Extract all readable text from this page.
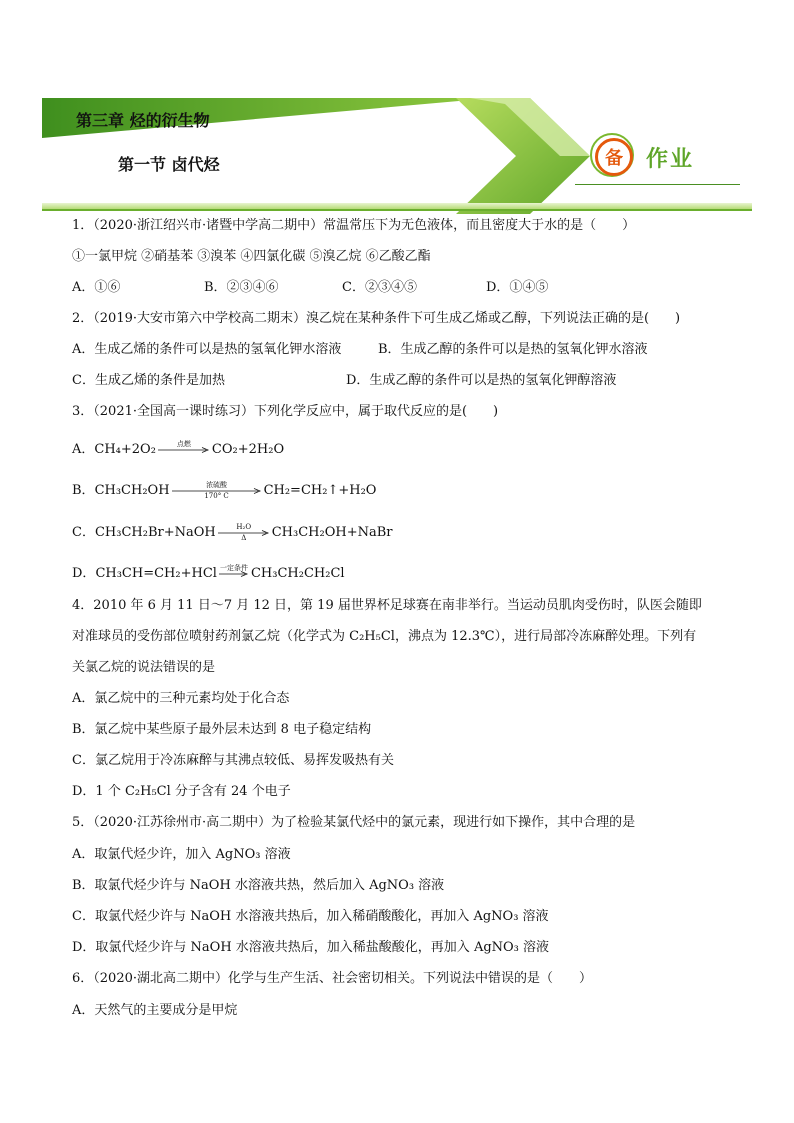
第三章 烃的衍生物
第一节 卤代烃	备	作业
1．（2020·浙江绍兴市·诸暨中学高二期中）常温常压下为无色液体，而且密度大于水的是（　　）
①一氯甲烷 ②硝基苯 ③溴苯 ④四氯化碳 ⑤溴乙烷 ⑥乙酸乙酯
A．①⑥	B．②③④⑥	C．②③④⑤	D．①④⑤
2．（2019·大安市第六中学校高二期末）溴乙烷在某种条件下可生成乙烯或乙醇，下列说法正确的是(　　)
A．生成乙烯的条件可以是热的氢氧化钾水溶液	B．生成乙醇的条件可以是热的氢氧化钾水溶液
C．生成乙烯的条件是加热	D．生成乙醇的条件可以是热的氢氧化钾醇溶液
3．（2021·全国高一课时练习）下列化学反应中，属于取代反应的是(　　)
A．CH₄+2O₂	点燃	CO₂+2H₂O
B．CH₃CH₂OH	浓硫酸
170° C	CH₂=CH₂↑+H₂O
C．CH₃CH₂Br+NaOH	H₂O
Δ	CH₃CH₂OH+NaBr
D．CH₃CH=CH₂+HCl 一定条件 CH₃CH₂CH₂Cl
4．2010 年 6 月 11 日～7 月 12 日，第 19 届世界杯足球赛在南非举行。当运动员肌肉受伤时，队医会随即
对准球员的受伤部位喷射药剂氯乙烷（化学式为 C₂H₅Cl，沸点为 12.3℃），进行局部冷冻麻醉处理。下列有
关氯乙烷的说法错误的是
A．氯乙烷中的三种元素均处于化合态
B．氯乙烷中某些原子最外层未达到 8 电子稳定结构
C．氯乙烷用于冷冻麻醉与其沸点较低、易挥发吸热有关
D．1 个 C₂H₅Cl 分子含有 24 个电子
5．（2020·江苏徐州市·高二期中）为了检验某氯代烃中的氯元素，现进行如下操作，其中合理的是
A．取氯代烃少许，加入 AgNO₃ 溶液
B．取氯代烃少许与 NaOH 水溶液共热，然后加入 AgNO₃ 溶液
C．取氯代烃少许与 NaOH 水溶液共热后，加入稀硝酸酸化，再加入 AgNO₃ 溶液
D．取氯代烃少许与 NaOH 水溶液共热后，加入稀盐酸酸化，再加入 AgNO₃ 溶液
6．（2020·湖北高二期中）化学与生产生活、社会密切相关。下列说法中错误的是（　　）
A．天然气的主要成分是甲烷
